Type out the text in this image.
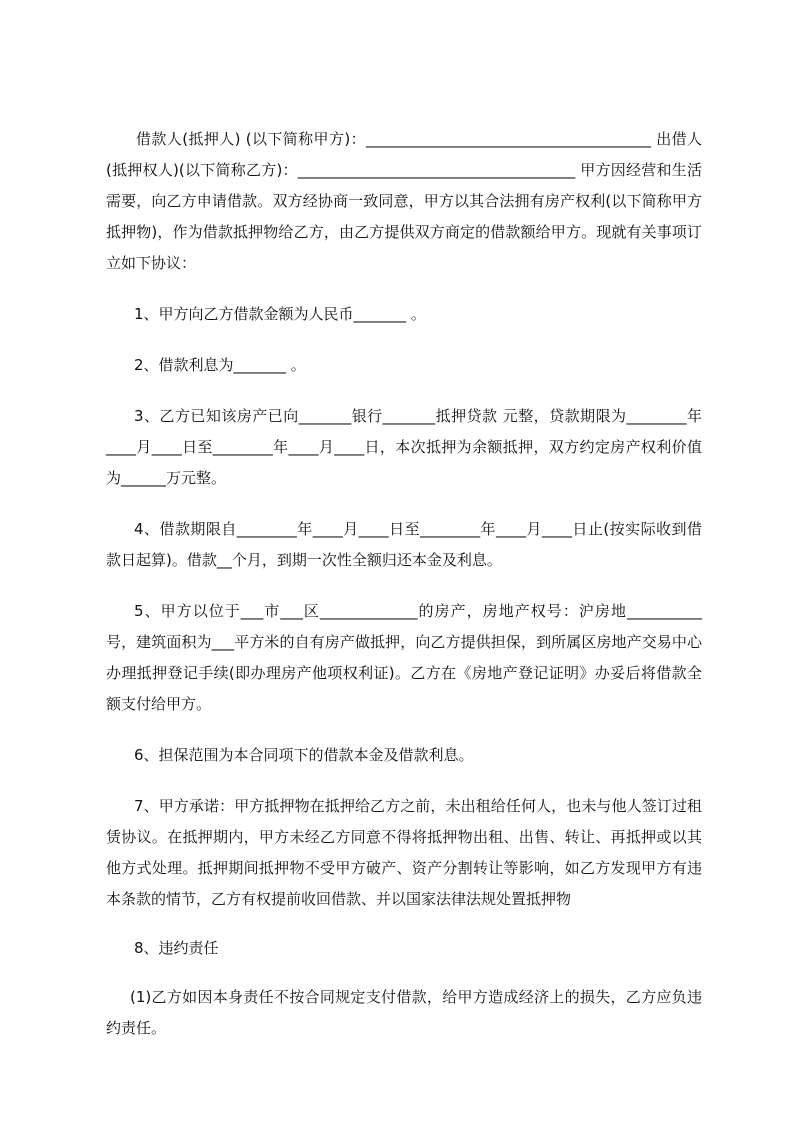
借款人(抵押人) (以下简称甲方)：______________________________________ 出借人(抵押权人)(以下简称乙方)：_____________________________________ 甲方因经营和生活需要，向乙方申请借款。双方经协商一致同意，甲方以其合法拥有房产权利(以下简称甲方抵押物)，作为借款抵押物给乙方，由乙方提供双方商定的借款额给甲方。现就有关事项订立如下协议：

1、甲方向乙方借款金额为人民币_______ 。

2、借款利息为_______ 。

3、乙方已知该房产已向_______银行_______抵押贷款 元整，贷款期限为________年____月____日至________年____月____日，本次抵押为余额抵押，双方约定房产权利价值为______万元整。

4、借款期限自________年____月____日至________年____月____日止(按实际收到借款日起算)。借款__个月，到期一次性全额归还本金及利息。

5、甲方以位于___市___区_____________的房产，房地产权号：沪房地__________号，建筑面积为___平方米的自有房产做抵押，向乙方提供担保，到所属区房地产交易中心办理抵押登记手续(即办理房产他项权利证)。乙方在《房地产登记证明》办妥后将借款全额支付给甲方。

6、担保范围为本合同项下的借款本金及借款利息。

7、甲方承诺：甲方抵押物在抵押给乙方之前，未出租给任何人，也未与他人签订过租赁协议。在抵押期内，甲方未经乙方同意不得将抵押物出租、出售、转让、再抵押或以其他方式处理。抵押期间抵押物不受甲方破产、资产分割转让等影响，如乙方发现甲方有违本条款的情节，乙方有权提前收回借款、并以国家法律法规处置抵押物

8、违约责任

(1)乙方如因本身责任不按合同规定支付借款，给甲方造成经济上的损失，乙方应负违约责任。
